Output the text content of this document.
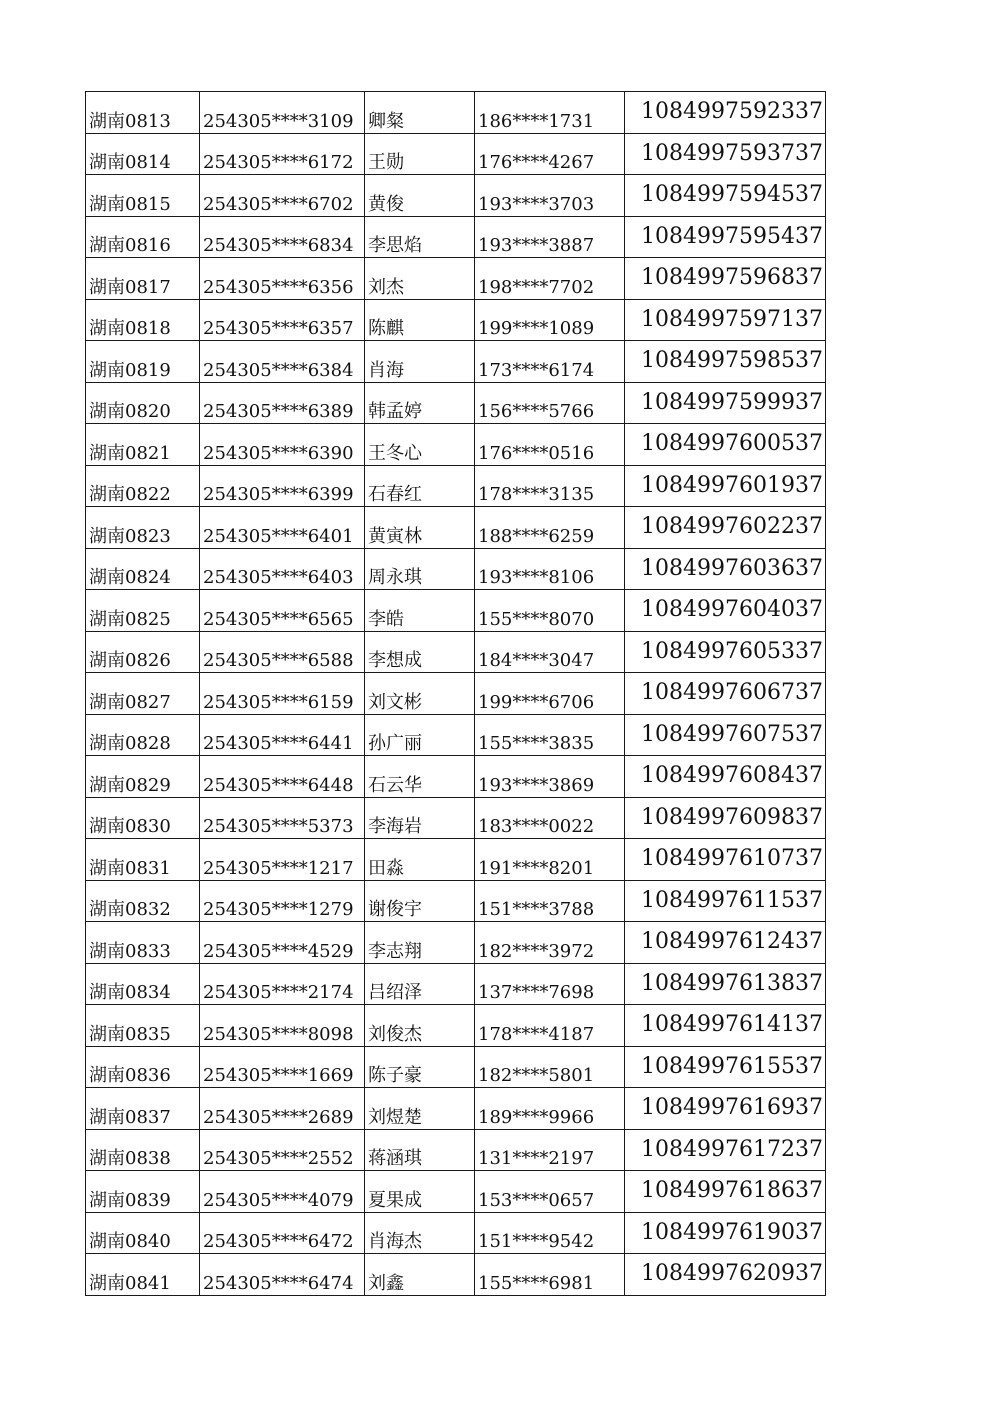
湖南0813	254305****3109	卿粲	186****1731	1084997592337
湖南0814	254305****6172	王勋	176****4267	1084997593737
湖南0815	254305****6702	黄俊	193****3703	1084997594537
湖南0816	254305****6834	李思焰	193****3887	1084997595437
湖南0817	254305****6356	刘杰	198****7702	1084997596837
湖南0818	254305****6357	陈麒	199****1089	1084997597137
湖南0819	254305****6384	肖海	173****6174	1084997598537
湖南0820	254305****6389	韩孟婷	156****5766	1084997599937
湖南0821	254305****6390	王冬心	176****0516	1084997600537
湖南0822	254305****6399	石春红	178****3135	1084997601937
湖南0823	254305****6401	黄寅林	188****6259	1084997602237
湖南0824	254305****6403	周永琪	193****8106	1084997603637
湖南0825	254305****6565	李皓	155****8070	1084997604037
湖南0826	254305****6588	李想成	184****3047	1084997605337
湖南0827	254305****6159	刘文彬	199****6706	1084997606737
湖南0828	254305****6441	孙广丽	155****3835	1084997607537
湖南0829	254305****6448	石云华	193****3869	1084997608437
湖南0830	254305****5373	李海岩	183****0022	1084997609837
湖南0831	254305****1217	田淼	191****8201	1084997610737
湖南0832	254305****1279	谢俊宇	151****3788	1084997611537
湖南0833	254305****4529	李志翔	182****3972	1084997612437
湖南0834	254305****2174	吕绍泽	137****7698	1084997613837
湖南0835	254305****8098	刘俊杰	178****4187	1084997614137
湖南0836	254305****1669	陈子豪	182****5801	1084997615537
湖南0837	254305****2689	刘煜楚	189****9966	1084997616937
湖南0838	254305****2552	蒋涵琪	131****2197	1084997617237
湖南0839	254305****4079	夏果成	153****0657	1084997618637
湖南0840	254305****6472	肖海杰	151****9542	1084997619037
湖南0841	254305****6474	刘鑫	155****6981	1084997620937
